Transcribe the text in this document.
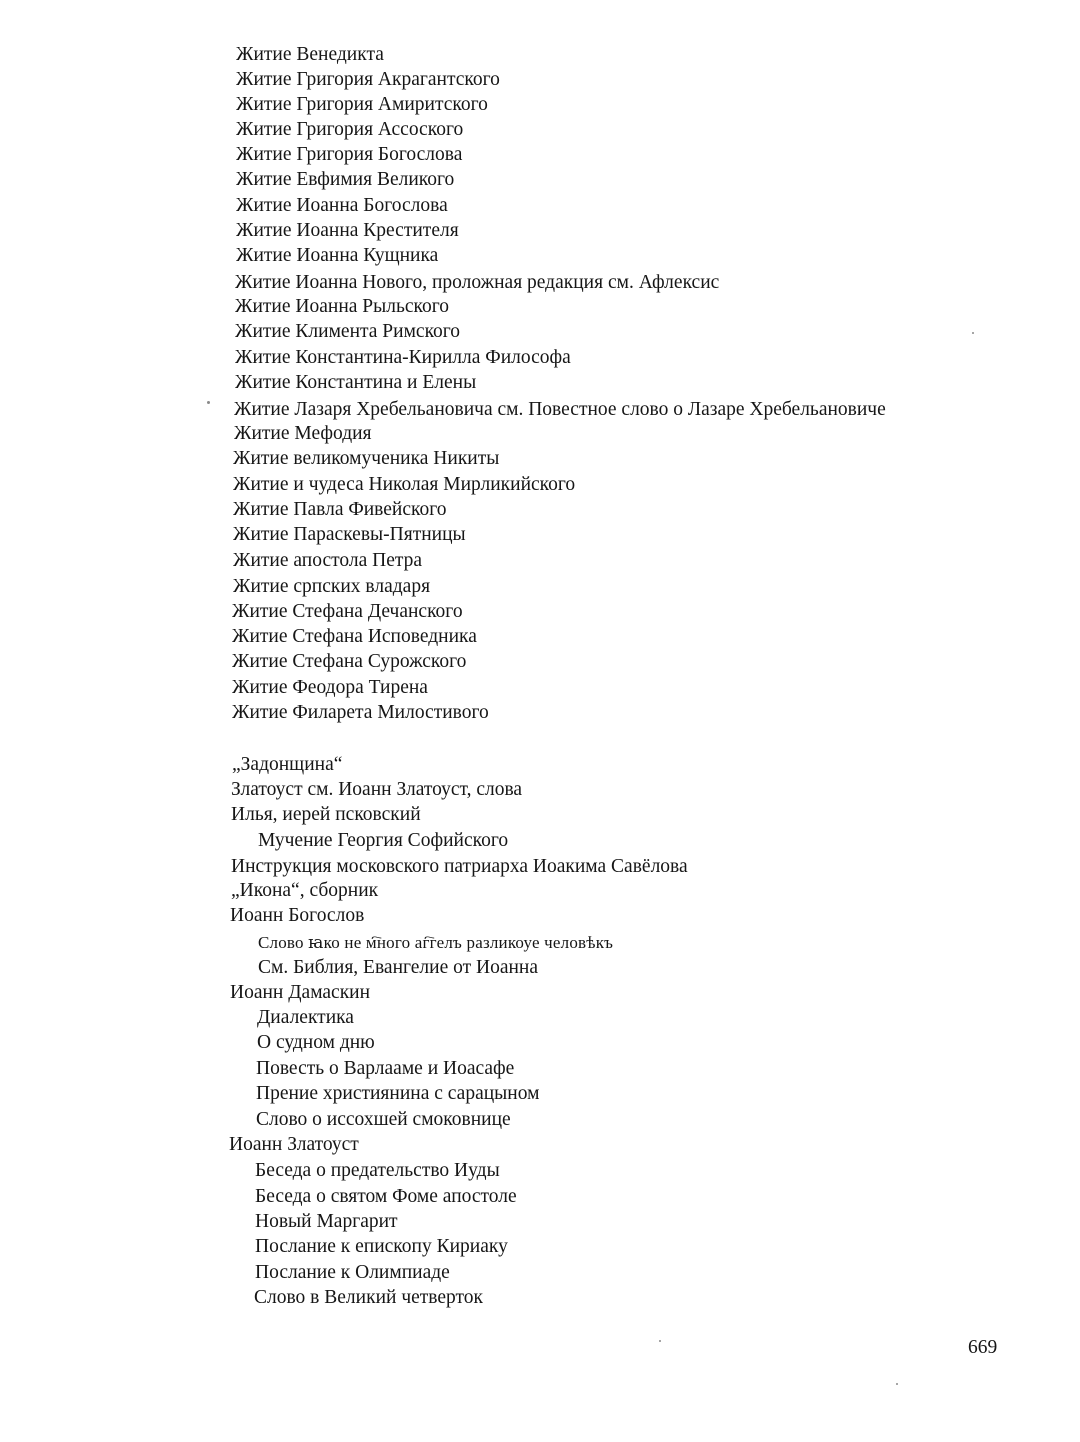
Житие Венедикта
Житие Григория Акрагантского
Житие Григория Амиритского
Житие Григория Ассоского
Житие Григория Богослова
Житие Евфимия Великого
Житие Иоанна Богослова
Житие Иоанна Крестителя
Житие Иоанна Кущника
Житие Иоанна Нового, проложная редакция см. Афлексис
Житие Иоанна Рыльского
Житие Климента Римского
Житие Константина-Кирилла Философа
Житие Константина и Елены
Житие Лазаря Хребельановича см. Повестное слово о Лазаре Хребельановиче
Житие Мефодия
Житие великомученика Никиты
Житие и чудеса Николая Мирликийского
Житие Павла Фивейского
Житие Параскевы-Пятницы
Житие апостола Петра
Житие српских владаря
Житие Стефана Дечанского
Житие Стефана Исповедника
Житие Стефана Сурожского
Житие Феодора Тирена
Житие Филарета Милостивого
„Задонщина“
Златоуст см. Иоанн Златоуст, слова
Илья, иерей псковский
Мучение Георгия Софийского
Инструкция московского патриарха Иоакима Савёлова
„Икона“, сборник
Иоанн Богослов
Слово ꙗко не м҇ного аг҇гелъ разликоуе человѣкъ
См. Библия, Евангелие от Иоанна
Иоанн Дамаскин
Диалектика
О судном дню
Повесть о Варлааме и Иоасафе
Прение християнина с сарацыном
Слово о иссохшей смоковнице
Иоанн Златоуст
Беседа о предательство Иуды
Беседа о святом Фоме апостоле
Новый Маргарит
Послание к епископу Кириаку
Послание к Олимпиаде
Слово в Великий четверток
669
